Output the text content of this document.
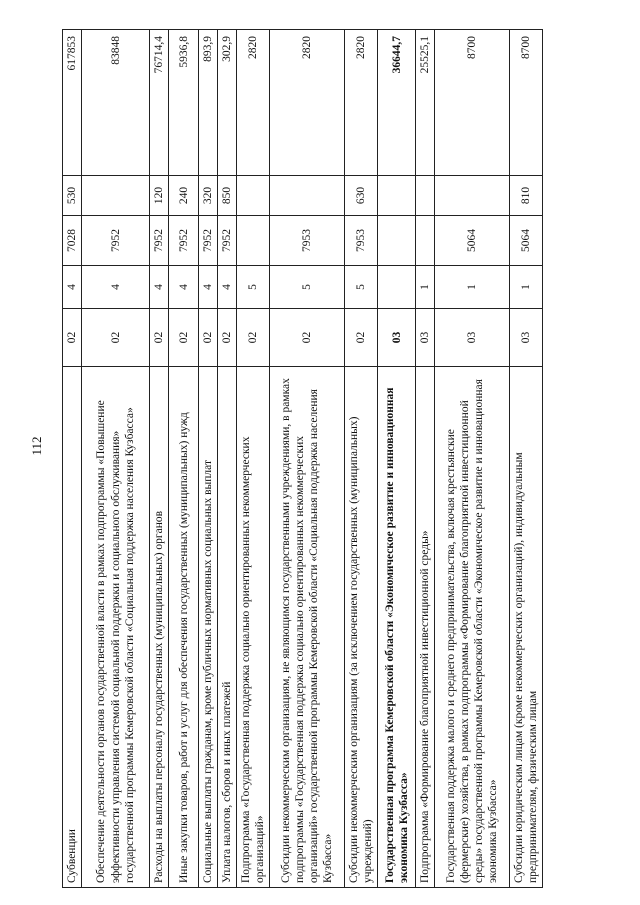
112
Субвенции	02	4	7028	530	617853
Обеспечение деятельности органов государственной власти в рамках подпрограммы «Повышение эффективности управления системой социальной поддержки и социального обслуживания» государственной программы Кемеровской области «Социальная поддержка населения Кузбасса»	02	4	7952		83848
Расходы на выплаты персоналу государственных (муниципальных) органов	02	4	7952	120	76714,4
Иные закупки товаров, работ и услуг для обеспечения государственных (муниципальных) нужд	02	4	7952	240	5936,8
Социальные выплаты гражданам, кроме публичных нормативных социальных выплат	02	4	7952	320	893,9
Уплата налогов, сборов и иных платежей	02	4	7952	850	302,9
Подпрограмма «Государственная поддержка социально ориентированных некоммерческих организаций»	02	5			2820
Субсидии некоммерческим организациям, не являющимся государственными учреждениями, в рамках подпрограммы «Государственная поддержка социально ориентированных некоммерческих организаций» государственной программы Кемеровской области «Социальная поддержка населения Кузбасса»	02	5	7953		2820
Субсидии некоммерческим организациям (за исключением государственных (муниципальных) учреждений)	02	5	7953	630	2820
Государственная программа Кемеровской области «Экономическое развитие и инновационная экономика Кузбасса»	03				36644,7
Подпрограмма «Формирование благоприятной инвестиционной среды»	03	1			25525,1
Государственная поддержка малого и среднего предпринимательства, включая крестьянские (фермерские) хозяйства, в рамках подпрограммы «Формирование благоприятной инвестиционной среды» государственной программы Кемеровской области «Экономическое развитие и инновационная экономика Кузбасса»	03	1	5064		8700
Субсидии юридическим лицам (кроме некоммерческих организаций), индивидуальным предпринимателям, физическим лицам	03	1	5064	810	8700
